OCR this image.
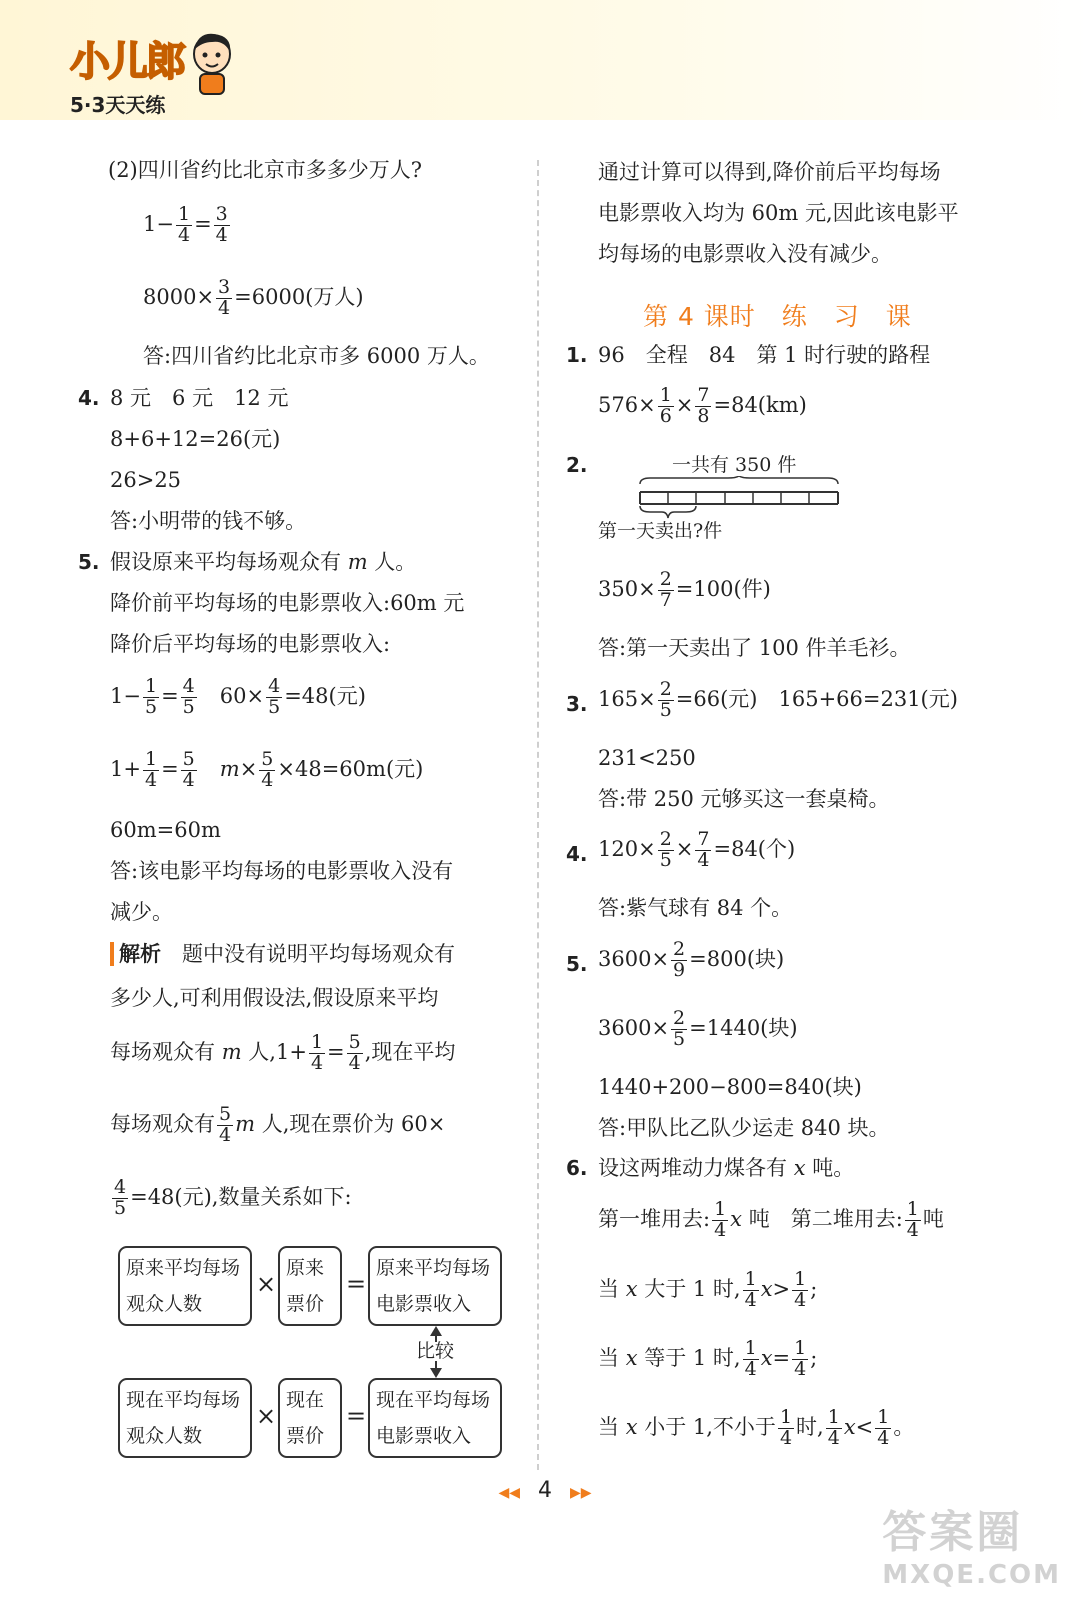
小儿郎
5·3天天练
(2)四川省约比北京市多多少万人?
$1- \frac{1}{4} = \frac{3}{4}$
$8000\times \frac{3}{4} =6000$(万人)
答:四川省约比北京市多 6000 万人。
4. 8 元　6 元　12 元
8+6+12=26(元)
26>25
答:小明带的钱不够。
5. 假设原来平均每场观众有 m 人。
降价前平均每场的电影票收入:60m 元
降价后平均每场的电影票收入:
$1- \frac{1}{5} = \frac{4}{5}$
　 $60\times \frac{4}{5} =48$(元)
$1+ \frac{1}{4} = \frac{5}{4}$
　 $m\times \frac{5}{4} \times 48=60m$(元)
60m=60m
答:该电影平均每场的电影票收入没有
减少。
解析　 题中没有说明平均每场观众有
多少人,可利用假设法,假设原来平均
每场观众有 m 人$,1+ \frac{1}{4} = \frac{5}{4}$ ,现在平均
每场观众有 $\frac{5}{4}$ m 人,现在票价为 60×
$\frac{4}{5} =48$(元),数量关系如下:
原来平均每场观众人数
×
原来票价
=
原来平均每场电影票收入
比较
现在平均每场观众人数
×
现在票价
=
现在平均每场电影票收入
通过计算可以得到,降价前后平均每场
电影票收入均为 60m 元,因此该电影平
均每场的电影票收入没有减少。
第 4 课时　练　习　课
1. 96　全程　84　第 1 时行驶的路程
$576\times \frac{1}{6} \times \frac{7}{8} =84(km)$
2.	一共有 350 件
第一天卖出?件
$350\times \frac{2}{7} =100$(件)
答:第一天卖出了 100 件羊毛衫。
3. $165\times \frac{2}{5} =66$(元)　165+66=231(元)
231<250
答:带 250 元够买这一套桌椅。
4. $120\times \frac{2}{5} \times \frac{7}{4} =84$(个)
答:紫气球有 84 个。
5. $3600\times \frac{2}{9} =800$(块)
$3600\times \frac{2}{5} =1440$(块)
1440+200−800=840(块)
答:甲队比乙队少运走 840 块。
6. 设这两堆动力煤各有 x 吨。
第一堆用去: $\frac{1}{4}$ x 吨　第二堆用去: $\frac{1}{4}$ 吨
当 x 大于 1 时, $\frac{1}{4} x> \frac{1}{4}$ ;
当 x 等于 1 时, $\frac{1}{4} x= \frac{1}{4}$ ;
当 x 小于 1,不小于 $\frac{1}{4}$ 时, $\frac{1}{4} x< \frac{1}{4}$ 。
◀◀ 4 ▶▶
答案圈
MXQE.COM
